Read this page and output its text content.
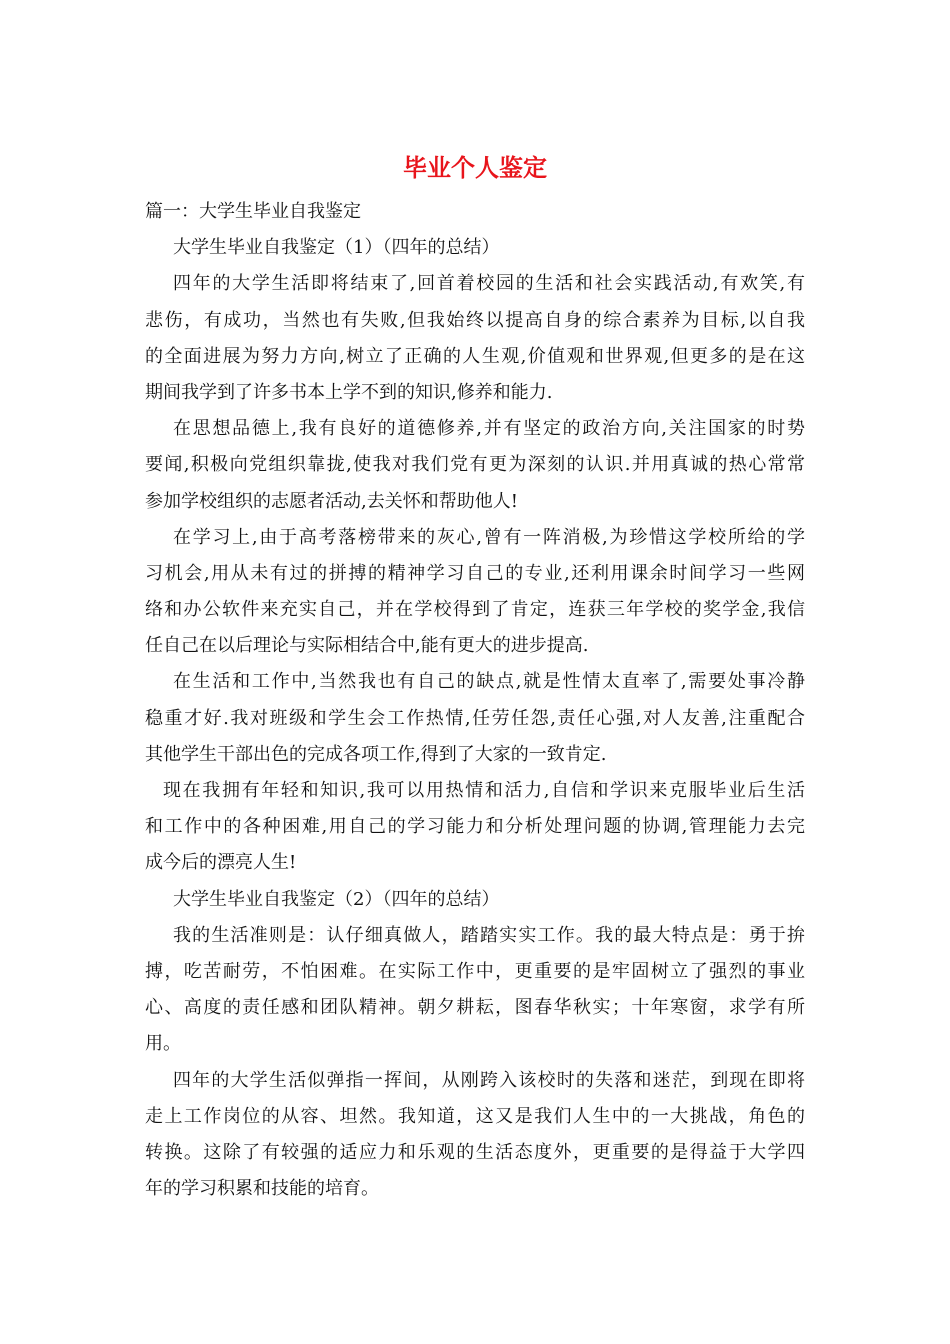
毕业个人鉴定

篇一：大学生毕业自我鉴定

大学生毕业自我鉴定（1）（四年的总结）

四年的大学生活即将结束了,回首着校园的生活和社会实践活动,有欢笑,有

悲伤，有成功，当然也有失败,但我始终以提高自身的综合素养为目标,以自我

的全面进展为努力方向,树立了正确的人生观,价值观和世界观,但更多的是在这

期间我学到了许多书本上学不到的知识,修养和能力.

在思想品德上,我有良好的道德修养,并有坚定的政治方向,关注国家的时势

要闻,积极向党组织靠拢,使我对我们党有更为深刻的认识.并用真诚的热心常常

参加学校组织的志愿者活动,去关怀和帮助他人!

在学习上,由于高考落榜带来的灰心,曾有一阵消极,为珍惜这学校所给的学

习机会,用从未有过的拼搏的精神学习自己的专业,还利用课余时间学习一些网

络和办公软件来充实自己，并在学校得到了肯定，连获三年学校的奖学金,我信

任自己在以后理论与实际相结合中,能有更大的进步提高.

在生活和工作中,当然我也有自己的缺点,就是性情太直率了,需要处事冷静

稳重才好.我对班级和学生会工作热情,任劳任怨,责任心强,对人友善,注重配合

其他学生干部出色的完成各项工作,得到了大家的一致肯定.

现在我拥有年轻和知识,我可以用热情和活力,自信和学识来克服毕业后生活

和工作中的各种困难,用自己的学习能力和分析处理问题的协调,管理能力去完

成今后的漂亮人生!

大学生毕业自我鉴定（2）（四年的总结）

我的生活准则是：认仔细真做人，踏踏实实工作。我的最大特点是：勇于拚

搏，吃苦耐劳，不怕困难。在实际工作中，更重要的是牢固树立了强烈的事业

心、高度的责任感和团队精神。朝夕耕耘，图春华秋实；十年寒窗，求学有所

用。

四年的大学生活似弹指一挥间，从刚跨入该校时的失落和迷茫，到现在即将

走上工作岗位的从容、坦然。我知道，这又是我们人生中的一大挑战，角色的

转换。这除了有较强的适应力和乐观的生活态度外，更重要的是得益于大学四

年的学习积累和技能的培育。
